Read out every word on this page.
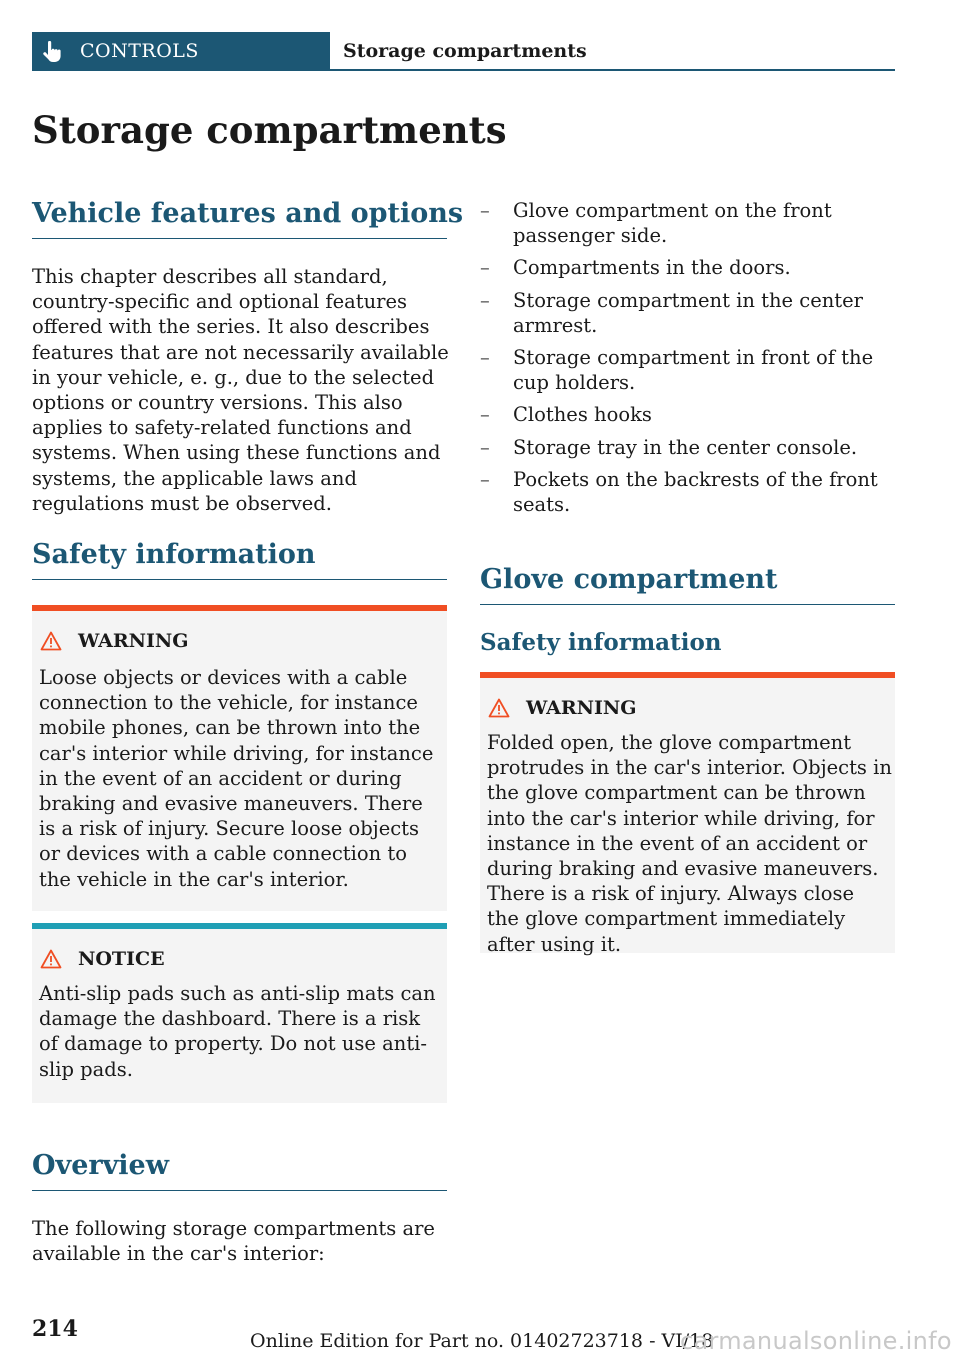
CONTROLS	Storage compartments
Storage compartments
Vehicle features and options

This chapter describes all standard, country-specific and optional features offered with the series. It also describes features that are not necessarily available in your vehicle, e. g., due to the selected options or country versions. This also applies to safety-related functions and systems. When using these functions and systems, the applicable laws and regulations must be observed.

Safety information
WARNING

Loose objects or devices with a cable connection to the vehicle, for instance mobile phones, can be thrown into the car's interior while driving, for instance in the event of an accident or during braking and evasive maneuvers. There is a risk of injury. Secure loose objects or devices with a cable connection to the vehicle in the car's interior.

NOTICE

Anti-slip pads such as anti-slip mats can damage the dashboard. There is a risk of damage to property. Do not use anti-slip pads.

Overview

The following storage compartments are available in the car's interior:

– Glove compartment on the front passenger side.
– Compartments in the doors.
– Storage compartment in the center armrest.
– Storage compartment in front of the cup holders.
– Clothes hooks
– Storage tray in the center console.
– Pockets on the backrests of the front seats.
Glove compartment
Safety information
WARNING

Folded open, the glove compartment protrudes in the car's interior. Objects in the glove compartment can be thrown into the car's interior while driving, for instance in the event of an accident or during braking and evasive maneuvers. There is a risk of injury. Always close the glove compartment immediately after using it.

214	Online Edition for Part no. 01402723718 - VI/18
carmanualsonline.info
